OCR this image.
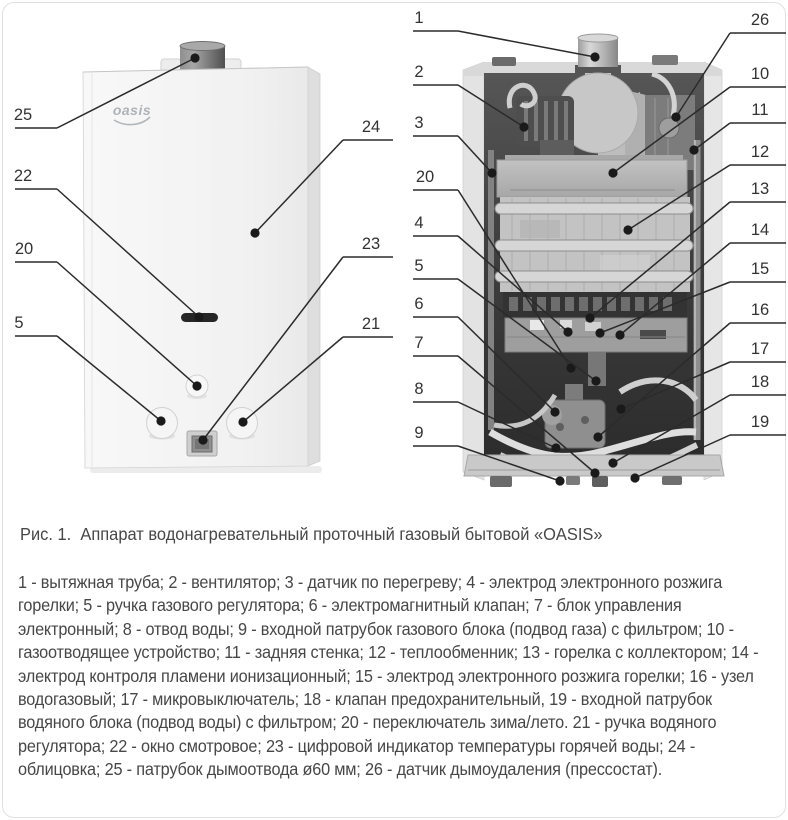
oasis
25
22
20
5
24
23
21
1
2
3
20
4
5
6
7
8
9
26
10
11
12
13
14
15
16
17
18
19
Рис. 1.  Аппарат водонагревательный проточный газовый бытовой «OASIS»
1 - вытяжная труба; 2 - вентилятор; 3 - датчик по перегреву; 4 - электрод электронного розжига горелки; 5 - ручка газового регулятора; 6 - электромагнитный клапан; 7 - блок управления электронный; 8 - отвод воды; 9 - входной патрубок газового блока (подвод газа) с фильтром; 10 - газоотводящее устройство; 11 - задняя стенка; 12 - теплообменник; 13 - горелка с коллектором; 14 - электрод контроля пламени ионизационный; 15 - электрод электронного розжига горелки; 16 - узел водогазовый; 17 - микровыключатель; 18 - клапан предохранительный, 19 - входной патрубок водяного блока (подвод воды) с фильтром; 20 - переключатель зима/лето. 21 - ручка водяного регулятора; 22 - окно смотровое; 23 - цифровой индикатор температуры горячей воды; 24 - облицовка; 25 - патрубок дымоотвода ø60 мм; 26 - датчик дымоудаления (прессостат).
